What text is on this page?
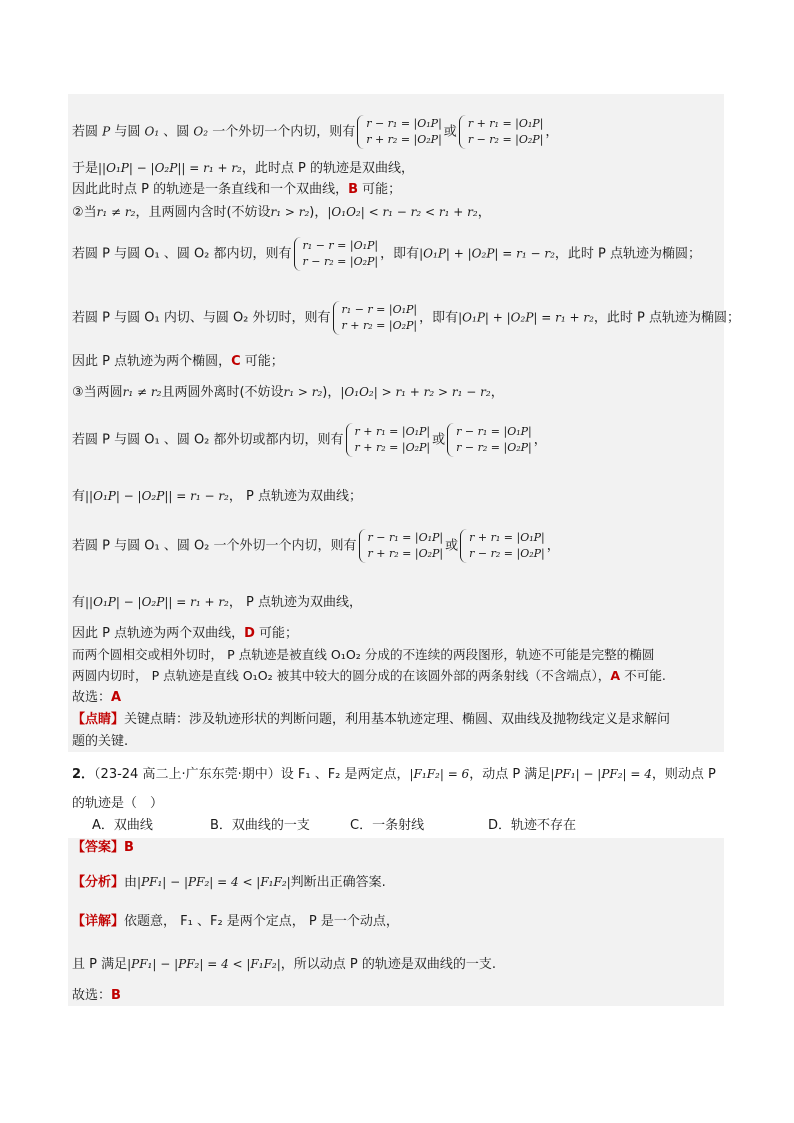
若圆 P 与圆 O₁ 、圆 O₂ 一个外切一个内切，则有
r − r₁ = |O₁P|
r + r₂ = |O₂P| 或
r + r₁ = |O₁P|
r − r₂ = |O₂P| ，
于是||O₁P| − |O₂P|| = r₁ + r₂，此时点 P 的轨迹是双曲线，
因此此时点 P 的轨迹是一条直线和一个双曲线，B 可能；
②当r₁ ≠ r₂，且两圆内含时(不妨设r₁ > r₂)，|O₁O₂| < r₁ − r₂ < r₁ + r₂，
若圆 P 与圆 O₁ 、圆 O₂ 都内切，则有
r₁ − r = |O₁P|
r − r₂ = |O₂P| ，即有|O₁P| + |O₂P| = r₁ − r₂，此时 P 点轨迹为椭圆；
若圆 P 与圆 O₁ 内切、与圆 O₂ 外切时，则有
r₁ − r = |O₁P|
r + r₂ = |O₂P| ，即有|O₁P| + |O₂P| = r₁ + r₂，此时 P 点轨迹为椭圆；
因此 P 点轨迹为两个椭圆，C 可能；
③当两圆r₁ ≠ r₂且两圆外离时(不妨设r₁ > r₂)，|O₁O₂| > r₁ + r₂ > r₁ − r₂，
若圆 P 与圆 O₁ 、圆 O₂ 都外切或都内切，则有
r + r₁ = |O₁P|
r + r₂ = |O₂P| 或
r − r₁ = |O₁P|
r − r₂ = |O₂P| ，
有||O₁P| − |O₂P|| = r₁ − r₂， P 点轨迹为双曲线；
若圆 P 与圆 O₁ 、圆 O₂ 一个外切一个内切，则有
r − r₁ = |O₁P|
r + r₂ = |O₂P| 或
r + r₁ = |O₁P|
r − r₂ = |O₂P| ，
有||O₁P| − |O₂P|| = r₁ + r₂， P 点轨迹为双曲线，
因此 P 点轨迹为两个双曲线，D 可能；
而两个圆相交或相外切时， P 点轨迹是被直线 O₁O₂ 分成的不连续的两段图形，轨迹不可能是完整的椭圆
两圆内切时， P 点轨迹是直线 O₁O₂ 被其中较大的圆分成的在该圆外部的两条射线（不含端点），A 不可能.
故选：A
【点睛】关键点睛：涉及轨迹形状的判断问题，利用基本轨迹定理、椭圆、双曲线及抛物线定义是求解问
题的关键.
2．（23-24 高二上·广东东莞·期中）设 F₁ 、F₂ 是两定点，|F₁F₂| = 6，动点 P 满足|PF₁| − |PF₂| = 4，则动点 P
的轨迹是（　）
A．双曲线	B．双曲线的一支	C．一条射线	D．轨迹不存在
【答案】B
【分析】由|PF₁| − |PF₂| = 4 < |F₁F₂|判断出正确答案.
【详解】依题意， F₁ 、F₂ 是两个定点， P 是一个动点，
且 P 满足|PF₁| − |PF₂| = 4 < |F₁F₂|，所以动点 P 的轨迹是双曲线的一支.
故选：B
